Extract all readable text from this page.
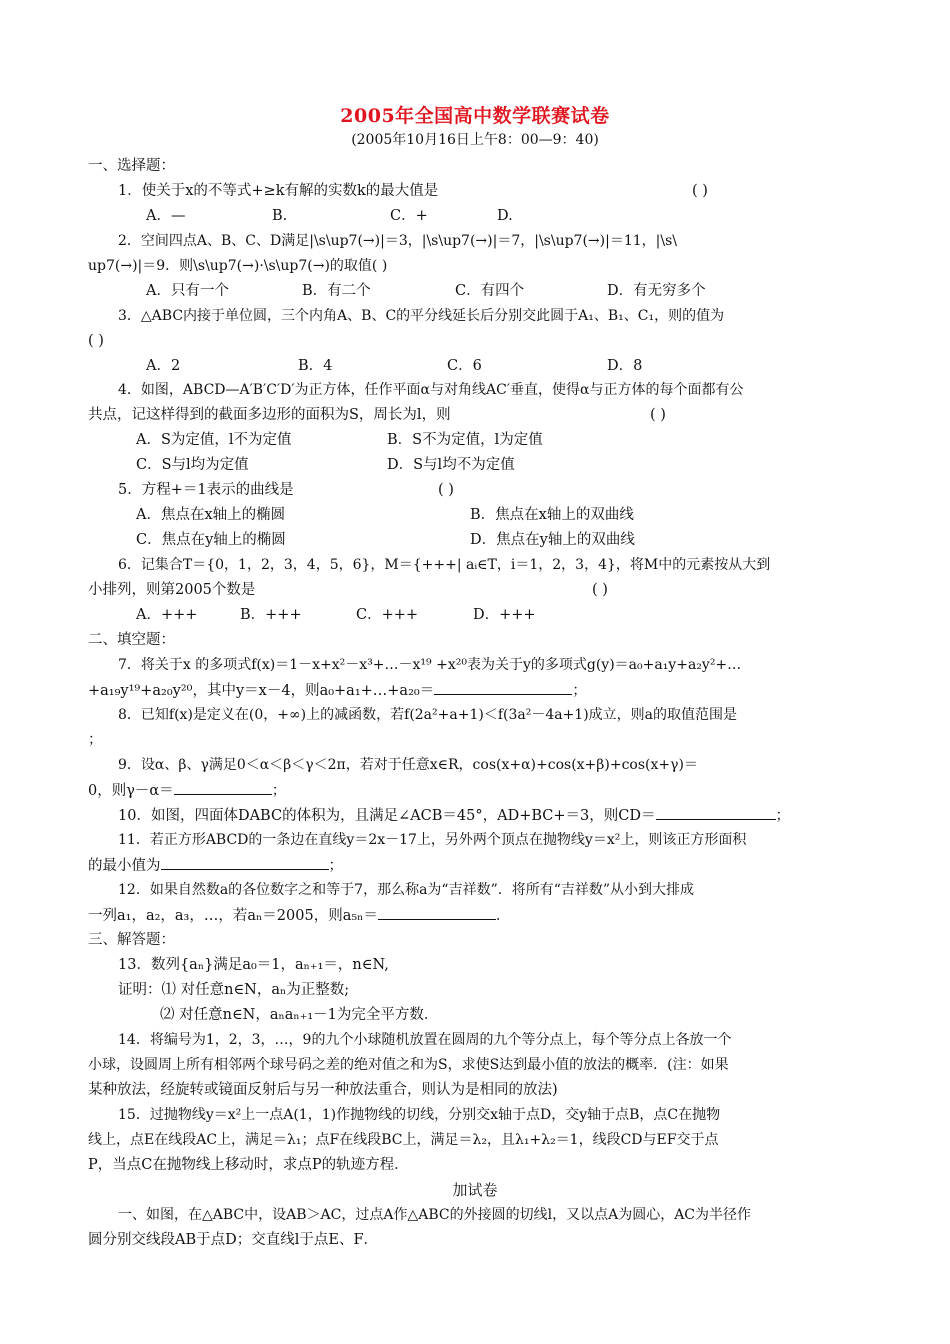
2005年全国高中数学联赛试卷
(2005年10月16日上午8：00—9：40)
一、选择题：
1．使关于x的不等式+≥k有解的实数k的最大值是	( )
A．—	B.	C．+	D.
2．空间四点A、B、C、D满足|\s\up7(→)|＝3，|\s\up7(→)|＝7，|\s\up7(→)|＝11，|\s\
up7(→)|＝9．则\s\up7(→)·\s\up7(→)的取值( )
A．只有一个	B．有二个	C．有四个	D．有无穷多个
3．△ABC内接于单位圆，三个内角A、B、C的平分线延长后分别交此圆于A₁、B₁、C₁，则的值为
( )
A．2	B．4	C．6	D．8
4．如图，ABCD—A′B′C′D′为正方体，任作平面α与对角线AC′垂直，使得α与正方体的每个面都有公
共点，记这样得到的截面多边形的面积为S，周长为l，则	( )
A．S为定值，l不为定值	B．S不为定值，l为定值
C．S与l均为定值	D．S与l均不为定值
5．方程+＝1表示的曲线是	( )
A．焦点在x轴上的椭圆	B．焦点在x轴上的双曲线
C．焦点在y轴上的椭圆	D．焦点在y轴上的双曲线
6．记集合T＝{0，1，2，3，4，5，6}，M＝{+++| aᵢ∈T，i＝1，2，3，4}，将M中的元素按从大到
小排列，则第2005个数是	( )
A．+++	B．+++	C．+++	D．+++
二、填空题：
7．将关于x 的多项式f(x)＝1－x+x²－x³+…－x¹⁹ +x²⁰表为关于y的多项式g(y)＝a₀+a₁y+a₂y²+…
+a₁₉y¹⁹+a₂₀y²⁰，其中y＝x－4，则a₀+a₁+…+a₂₀＝	；
8．已知f(x)是定义在(0，+∞)上的减函数，若f(2a²+a+1)＜f(3a²－4a+1)成立，则a的取值范围是
；
9．设α、β、γ满足0＜α＜β＜γ＜2π，若对于任意x∈R，cos(x+α)+cos(x+β)+cos(x+γ)＝
0，则γ－α＝	；
10．如图，四面体DABC的体积为，且满足∠ACB＝45°，AD+BC+＝3，则CD＝	；
11．若正方形ABCD的一条边在直线y＝2x－17上，另外两个顶点在抛物线y＝x²上，则该正方形面积
的最小值为	；
12．如果自然数a的各位数字之和等于7，那么称a为“吉祥数”．将所有“吉祥数”从小到大排成
一列a₁，a₂，a₃，…，若aₙ＝2005，则a₅ₙ＝	．
三、解答题：
13．数列{aₙ}满足a₀＝1，aₙ₊₁＝，n∈N,
证明：⑴ 对任意n∈N，aₙ为正整数;
⑵ 对任意n∈N，aₙaₙ₊₁－1为完全平方数．
14．将编号为1，2，3，…，9的九个小球随机放置在圆周的九个等分点上，每个等分点上各放一个
小球，设圆周上所有相邻两个球号码之差的绝对值之和为S，求使S达到最小值的放法的概率．(注：如果
某种放法，经旋转或镜面反射后与另一种放法重合，则认为是相同的放法)
15．过抛物线y＝x²上一点A(1，1)作抛物线的切线，分别交x轴于点D，交y轴于点B，点C在抛物
线上，点E在线段AC上，满足＝λ₁；点F在线段BC上，满足＝λ₂，且λ₁+λ₂＝1，线段CD与EF交于点
P，当点C在抛物线上移动时，求点P的轨迹方程．
加试卷
一、如图，在△ABC中，设AB＞AC，过点A作△ABC的外接圆的切线l，又以点A为圆心，AC为半径作
圆分别交线段AB于点D；交直线l于点E、F．
